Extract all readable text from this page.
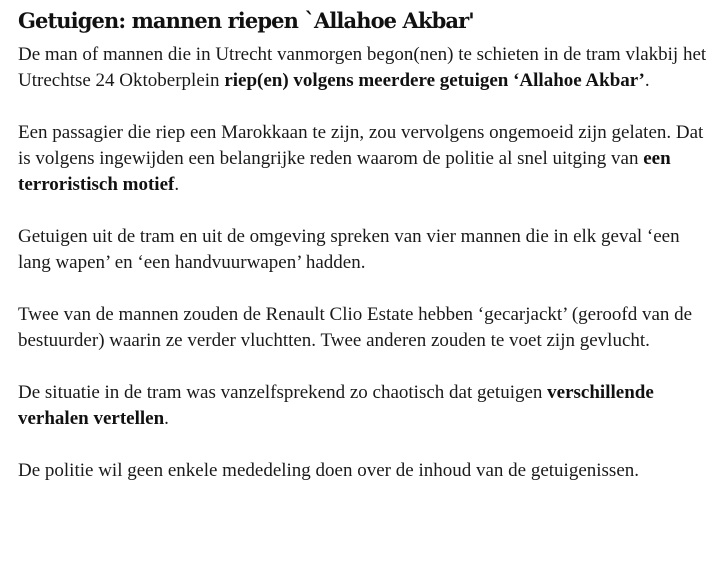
Getuigen: mannen riepen `Allahoe Akbar'

De man of mannen die in Utrecht vanmorgen begon(nen) te schieten in de tram vlakbij het Utrechtse 24 Oktoberplein riep(en) volgens meerdere getuigen ‘Allahoe Akbar’.

Een passagier die riep een Marokkaan te zijn, zou vervolgens ongemoeid zijn gelaten. Dat is volgens ingewijden een belangrijke reden waarom de politie al snel uitging van een terroristisch motief.

Getuigen uit de tram en uit de omgeving spreken van vier mannen die in elk geval ‘een lang wapen’ en ‘een handvuurwapen’ hadden.

Twee van de mannen zouden de Renault Clio Estate hebben ‘gecarjackt’ (geroofd van de bestuurder) waarin ze verder vluchtten. Twee anderen zouden te voet zijn gevlucht.

De situatie in de tram was vanzelfsprekend zo chaotisch dat getuigen verschillende verhalen vertellen.

De politie wil geen enkele mededeling doen over de inhoud van de getuigenissen.
